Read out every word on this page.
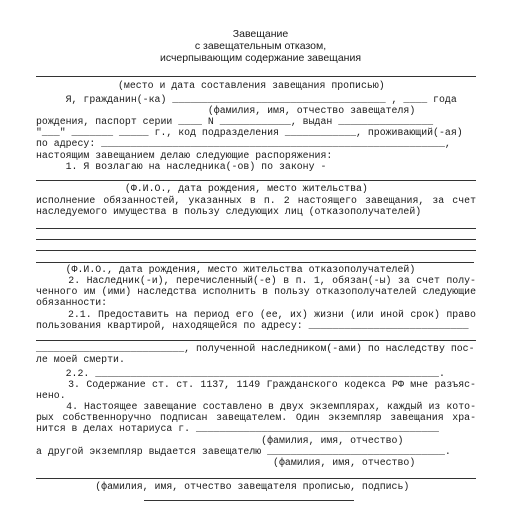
Завещание
с завещательным отказом,
исчерпывающим содержание завещания
(место и дата составления завещания прописью)
Я, гражданин(-ка) ____________________________________ , ____ года
(фамилия, имя, отчество завещателя)
рождения, паспорт серии ____ N ____________, выдан ________________
"___" _______ _____ г., код подразделения ____________, проживающий(-ая)
по адресу: __________________________________________________________,
настоящим завещанием делаю следующие распоряжения:
1. Я возлагаю на наследника(-ов) по закону -
(Ф.И.О., дата рождения, место жительства)
исполнение обязанностей, указанных в п. 2 настоящего завещания, за счет
наследуемого имущества в пользу следующих лиц (отказополучателей)
(Ф.И.О., дата рождения, место жительства отказополучателей)
2. Наследник(-и), перечисленный(-е) в п. 1, обязан(-ы) за счет полу-
ченного им (ими) наследства исполнить в пользу отказополучателей следующие
обязанности:
2.1. Предоставить на период его (ее, их) жизни (или иной срок) право
пользования квартирой, находящейся по адресу: ___________________________
_________________________, полученной наследником(-ами) по наследству пос-
ле моей смерти.
2.2. __________________________________________________________.
3. Содержание ст. ст. 1137, 1149 Гражданского кодекса РФ мне разъяс-
нено.
4. Настоящее завещание составлено в двух экземплярах, каждый из кото-
рых собственноручно подписан завещателем. Один экземпляр завещания хра-
нится в делах нотариуса г. _________________________________________
(фамилия, имя, отчество)
а другой экземпляр выдается завещателю ______________________________.
(фамилия, имя, отчество)
(фамилия, имя, отчество завещателя прописью, подпись)
